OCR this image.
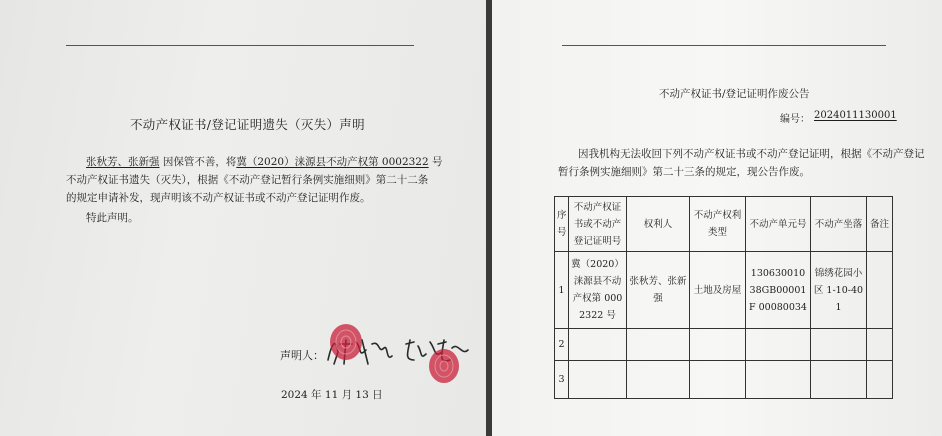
不动产权证书/登记证明遗失（灭失）声明
张秋芳、张新强 因保管不善，将冀（2020）涞源县不动产权第 0002322 号
不动产权证书遗失（灭失），根据《不动产登记暂行条例实施细则》第二十二条
的规定申请补发，现声明该不动产权证书或不动产登记证明作废。
特此声明。
声明人：
2024 年 11 月 13 日
不动产权证书/登记证明作废公告
编号： 2024011130001
因我机构无法收回下列不动产权证书或不动产登记证明，根据《不动产登记
暂行条例实施细则》第二十三条的规定，现公告作废。
序号	不动产权证书或不动产登记证明号	权利人	不动产权利类型	不动产单元号	不动产坐落	备注
1	冀（2020）涞源县不动产权第 0002322 号	张秋芳、张新强	土地及房屋	130630010 38GB00001F 00080034	锦绣花园小区 1-10-401	
2						
3						
